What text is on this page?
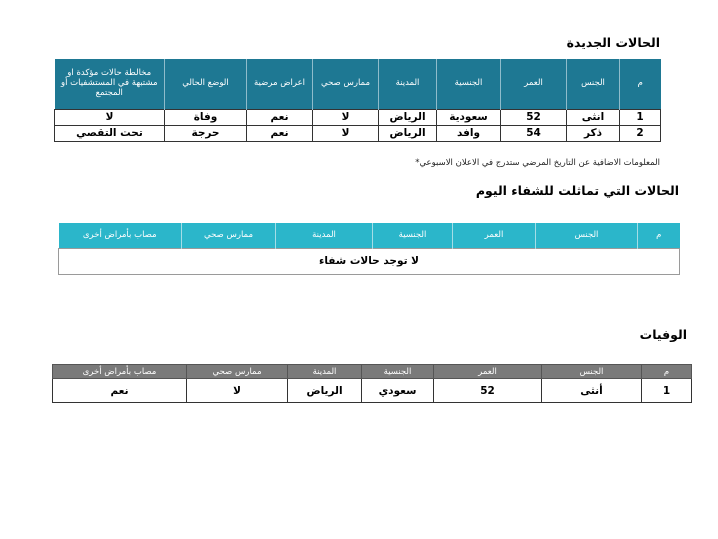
الحالات الجديدة
م	الجنس	العمر	الجنسية	المدينة	ممارس صحي	اعراض مرضية	الوضع الحالي	مخالطة حالات مؤكدة او مشتبهة في المستشفيات أو المجتمع
1	انثى	52	سعودية	الرياض	لا	نعم	وفاة	لا
2	ذكر	54	وافد	الرياض	لا	نعم	حرجة	تحت التقصي

المعلومات الاضافية عن التاريخ المرضي ستدرج في الاعلان الاسبوعي*

الحالات التي تماثلت للشفاء اليوم
م	الجنس	العمر	الجنسية	المدينة	ممارس صحي	مصاب بأمراض أخرى
لا توجد حالات شفاء
الوفيات
م	الجنس	العمر	الجنسية	المدينة	ممارس صحي	مصاب بأمراض أخرى
1	أنثى	52	سعودي	الرياض	لا	نعم
